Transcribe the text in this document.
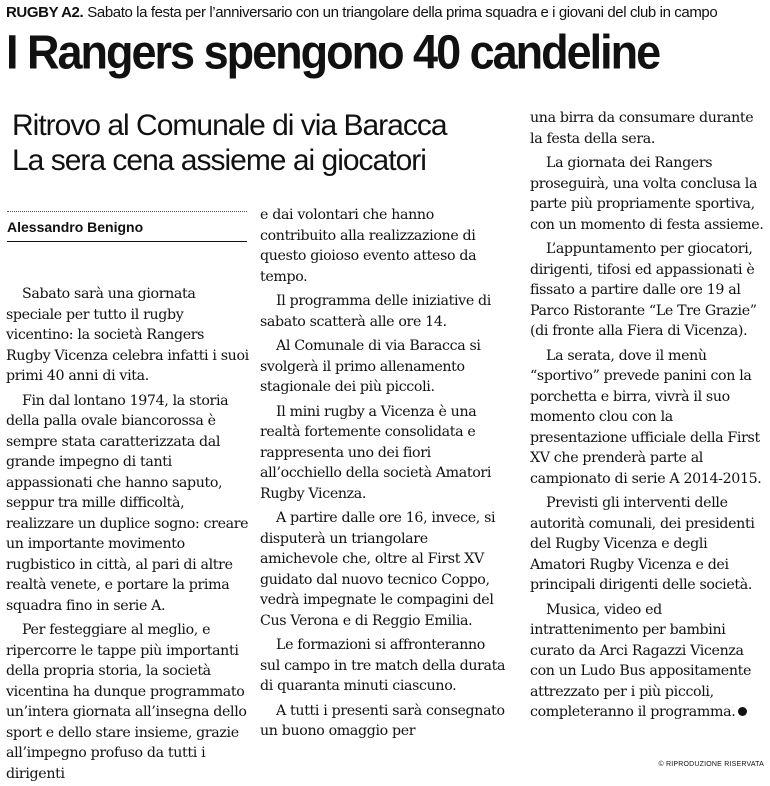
RUGBY A2. Sabato la festa per l’anniversario con un triangolare della prima squadra e i giovani del club in campo
I Rangers spengono 40 candeline
Ritrovo al Comunale di via Baracca
La sera cena assieme ai giocatori
Alessandro Benigno

Sabato sarà una giornata speciale per tutto il rugby vicentino: la società Rangers Rugby Vicenza celebra infatti i suoi primi 40 anni di vita.

Fin dal lontano 1974, la storia della palla ovale biancorossa è sempre stata caratterizzata dal grande impegno di tanti appassionati che hanno saputo, seppur tra mille difficoltà, realizzare un duplice sogno: creare un importante movimento rugbistico in città, al pari di altre realtà venete, e portare la prima squadra fino in serie A.

Per festeggiare al meglio, e ripercorre le tappe più importanti della propria storia, la società vicentina ha dunque programmato un’intera giornata all’insegna dello sport e dello stare insieme, grazie all’impegno profuso da tutti i dirigenti

e dai volontari che hanno contribuito alla realizzazione di questo gioioso evento atteso da tempo.

Il programma delle iniziative di sabato scatterà alle ore 14.

Al Comunale di via Baracca si svolgerà il primo allenamento stagionale dei più piccoli.

Il mini rugby a Vicenza è una realtà fortemente consolidata e rappresenta uno dei fiori all’occhiello della società Amatori Rugby Vicenza.

A partire dalle ore 16, invece, si disputerà un triangolare amichevole che, oltre al First XV guidato dal nuovo tecnico Coppo, vedrà impegnate le compagini del Cus Verona e di Reggio Emilia.

Le formazioni si affronteranno sul campo in tre match della durata di quaranta minuti ciascuno.

A tutti i presenti sarà consegnato un buono omaggio per

una birra da consumare durante la festa della sera.

La giornata dei Rangers proseguirà, una volta conclusa la parte più propriamente sportiva, con un momento di festa assieme.

L’appuntamento per giocatori, dirigenti, tifosi ed appassionati è fissato a partire dalle ore 19 al Parco Ristorante “Le Tre Grazie” (di fronte alla Fiera di Vicenza).

La serata, dove il menù “sportivo” prevede panini con la porchetta e birra, vivrà il suo momento clou con la presentazione ufficiale della First XV che prenderà parte al campionato di serie A 2014-2015.

Previsti gli interventi delle autorità comunali, dei presidenti del Rugby Vicenza e degli Amatori Rugby Vicenza e dei principali dirigenti delle società.

Musica, video ed intrattenimento per bambini curato da Arci Ragazzi Vicenza con un Ludo Bus appositamente attrezzato per i più piccoli, completeranno il programma.

© RIPRODUZIONE RISERVATA
